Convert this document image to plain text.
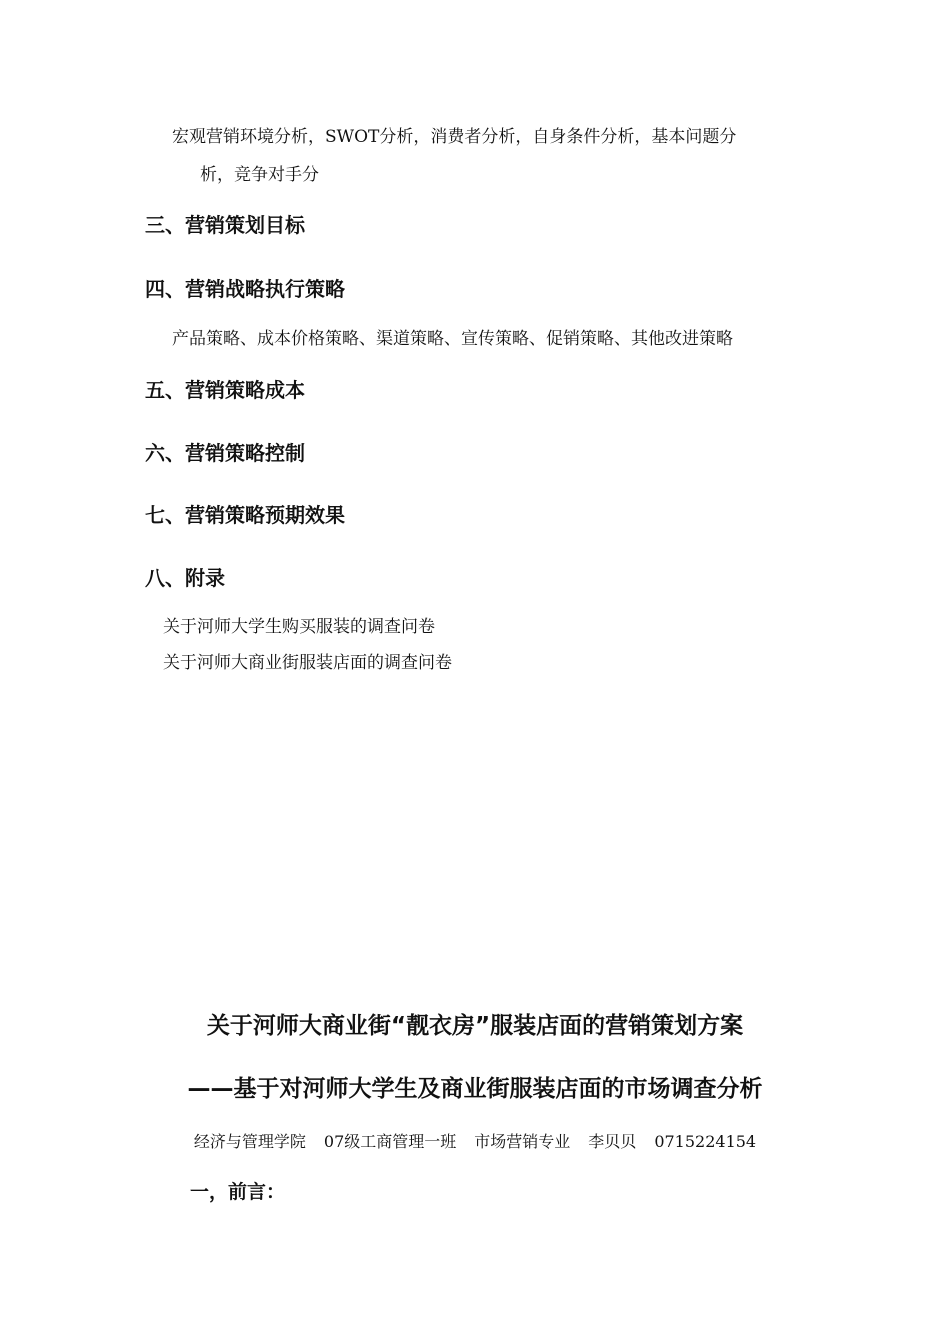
宏观营销环境分析，SWOT分析，消费者分析，自身条件分析，基本问题分
析，竞争对手分
三、营销策划目标
四、营销战略执行策略
产品策略、成本价格策略、渠道策略、宣传策略、促销策略、其他改进策略
五、营销策略成本
六、营销策略控制
七、营销策略预期效果
八、附录
关于河师大学生购买服装的调查问卷
关于河师大商业街服装店面的调查问卷
关于河师大商业街“靓衣房”服装店面的营销策划方案
——基于对河师大学生及商业街服装店面的市场调查分析
经济与管理学院 07级工商管理一班 市场营销专业 李贝贝 0715224154
一，前言：
